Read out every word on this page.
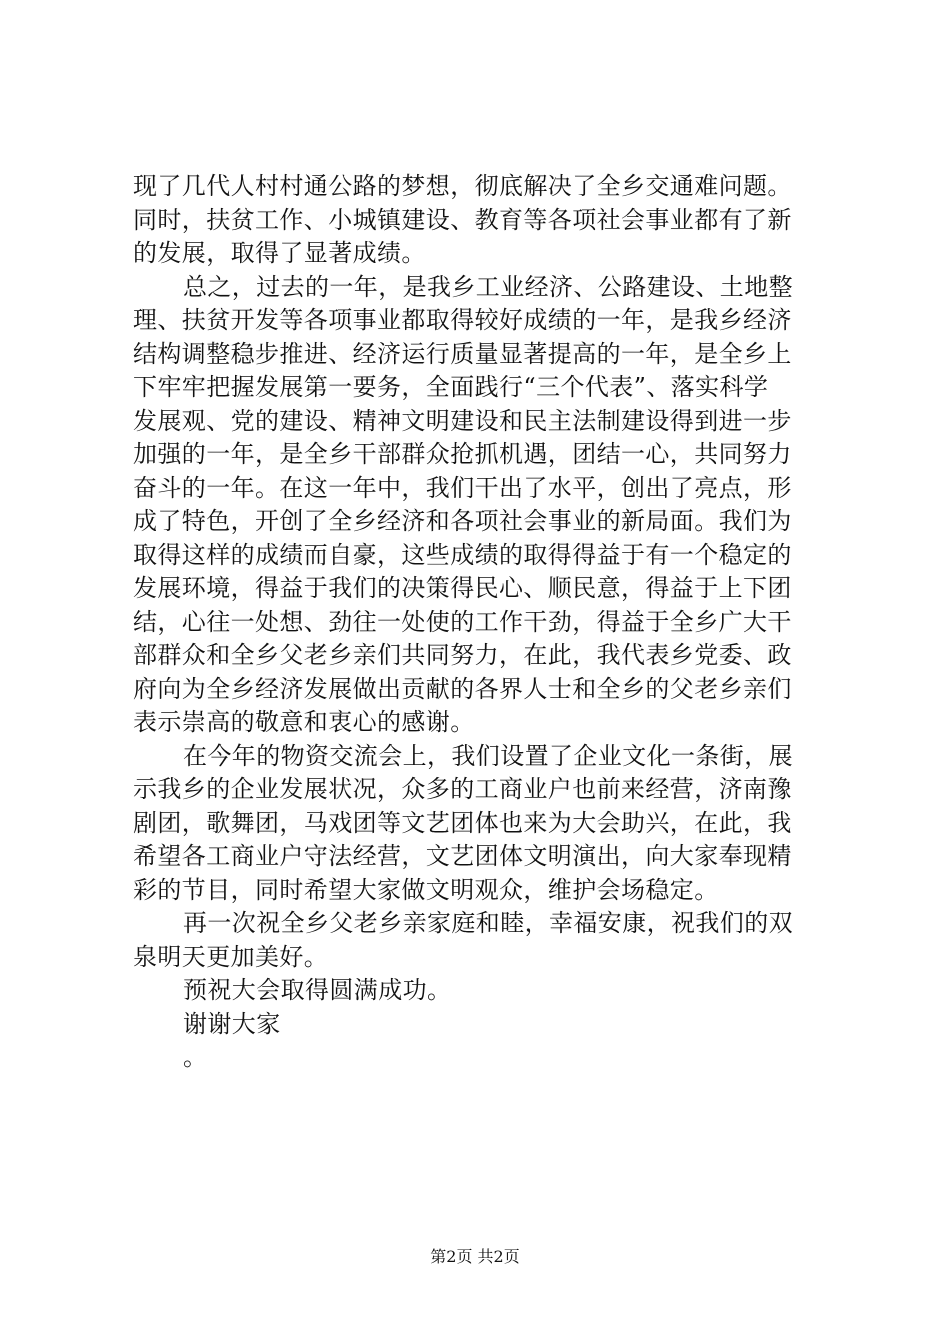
现了几代人村村通公路的梦想，彻底解决了全乡交通难问题。
同时，扶贫工作、小城镇建设、教育等各项社会事业都有了新
的发展，取得了显著成绩。
总之，过去的一年，是我乡工业经济、公路建设、土地整
理、扶贫开发等各项事业都取得较好成绩的一年，是我乡经济
结构调整稳步推进、经济运行质量显著提高的一年，是全乡上
下牢牢把握发展第一要务，全面践行“三个代表”、落实科学
发展观、党的建设、精神文明建设和民主法制建设得到进一步
加强的一年，是全乡干部群众抢抓机遇，团结一心，共同努力
奋斗的一年。在这一年中，我们干出了水平，创出了亮点，形
成了特色，开创了全乡经济和各项社会事业的新局面。我们为
取得这样的成绩而自豪，这些成绩的取得得益于有一个稳定的
发展环境，得益于我们的决策得民心、顺民意，得益于上下团
结，心往一处想、劲往一处使的工作干劲，得益于全乡广大干
部群众和全乡父老乡亲们共同努力，在此，我代表乡党委、政
府向为全乡经济发展做出贡献的各界人士和全乡的父老乡亲们
表示崇高的敬意和衷心的感谢。
在今年的物资交流会上，我们设置了企业文化一条街，展
示我乡的企业发展状况，众多的工商业户也前来经营，济南豫
剧团，歌舞团，马戏团等文艺团体也来为大会助兴，在此，我
希望各工商业户守法经营，文艺团体文明演出，向大家奉现精
彩的节目，同时希望大家做文明观众，维护会场稳定。
再一次祝全乡父老乡亲家庭和睦，幸福安康，祝我们的双
泉明天更加美好。
预祝大会取得圆满成功。
谢谢大家
。
第2页 共2页
